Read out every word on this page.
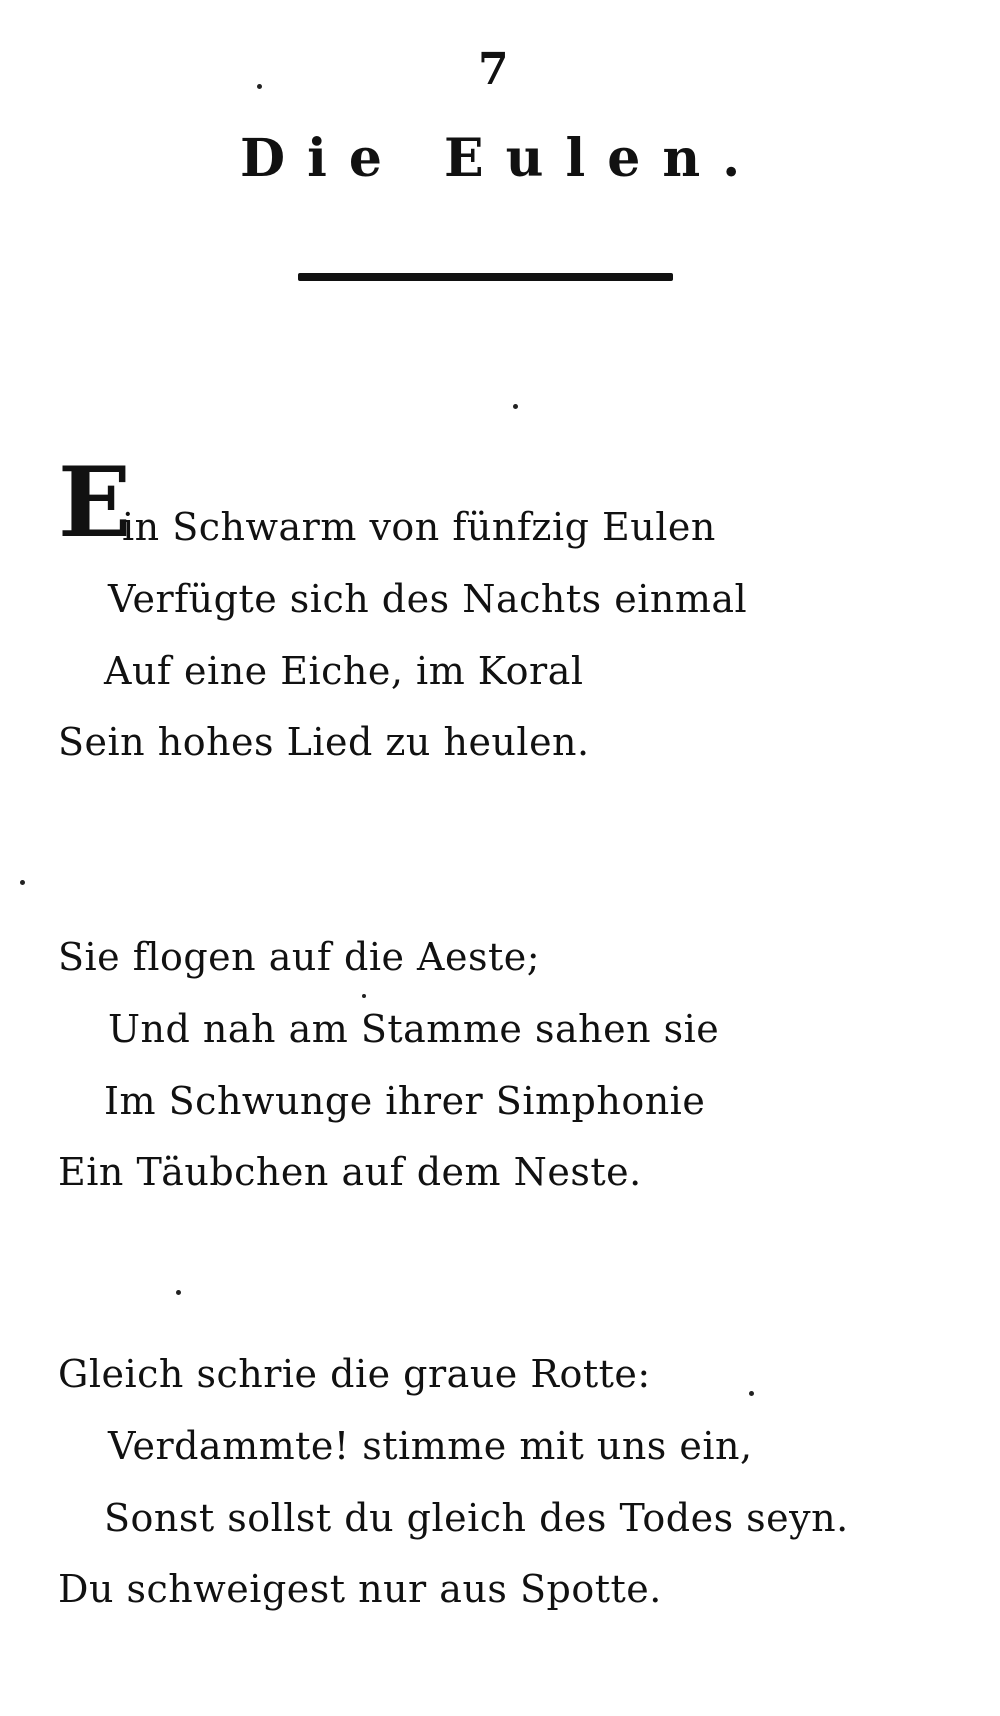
7
Die Eulen.
E
in Schwarm von fünfzig Eulen
Verfügte sich des Nachts einmal
Auf eine Eiche, im Koral
Sein hohes Lied zu heulen.
Sie flogen auf die Aeste;
Und nah am Stamme sahen sie
Im Schwunge ihrer Simphonie
Ein Täubchen auf dem Neste.
Gleich schrie die graue Rotte:
Verdammte! stimme mit uns ein,
Sonst sollst du gleich des Todes seyn.
Du schweigest nur aus Spotte.
